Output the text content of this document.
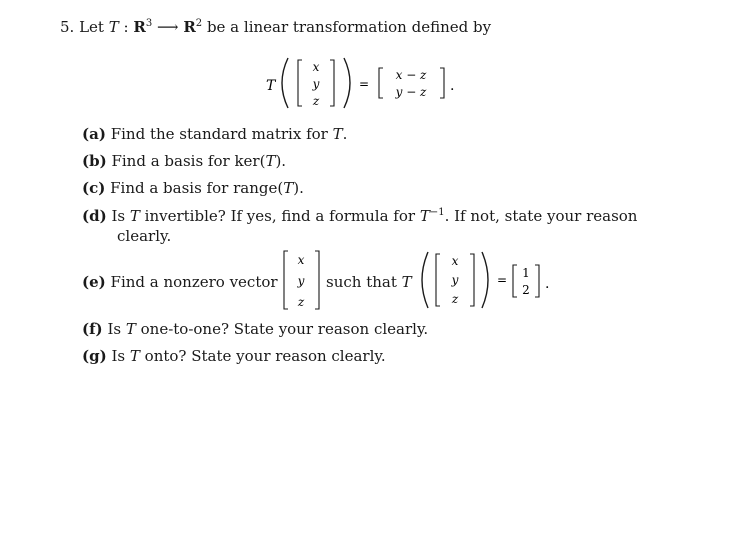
5. Let T : $R^3$ ⟶ $R^2$ be a linear transformation defined by
T
x
y
z
=
x − z
y − z .
(a) Find the standard matrix for T.
(b) Find a basis for ker(T).
(c) Find a basis for range(T).
(d) Is T invertible? If yes, find a formula for $T^{-1}$. If not, state your reason
clearly.
(e) Find a nonzero vector	such that T
x
y
z
x
y
z
= 1
2 .
(f) Is T one-to-one? State your reason clearly.
(g) Is T onto? State your reason clearly.
